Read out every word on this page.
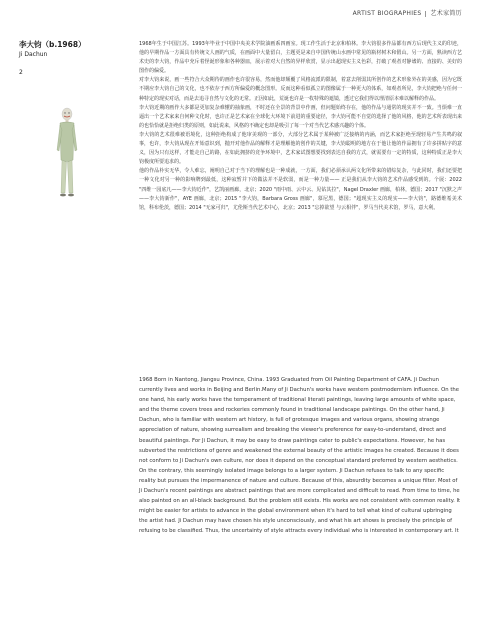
ARTIST BIOGRAPHIES 艺术家简历
李大钧（b.1968）
Ji Dachun
2

1968年生于中国江苏。1993年毕业于中国中央美术学院油画系四画室。现工作生活于北京和柏林。李大钧很多作品都有西方后现代主义的印迹，他的早期作品一方面具有传统文人画的气质，在画面中大量留白，主题更是来自中国传统山水画中常见的瓶材树木和假山。另一方面，熟读西方艺术史的李大钧，作品中充斥着怪诞形象和各种器皿，展示着对大自然的异样欣赏，显示出超现实主义色彩，打破了观者对静谧的、直接的、美好的图作的偏爱。

对李大钧来说，画一些符合大众期待的画作也许很容易，然而他却颠覆了风格流派的限制，着意去削弱其所创作的艺术形象外在的美感，因为它既不期应李大钧自己的文化，也不依存于西方所偏爱的概念图形。反而这种看似孤立的图像属于一种更大的体系，如观者所见，李大钧把绝与任何一种特定的现实对话，而是去追寻自然与文化的无常。正因如此，荒诞也许是一枚特殊的遮镜，透过它我们得以理清原本难以解释的作品。

李大钧近期的画作大多都是更加复杂难懂的抽象画，不时还在全景的背景中作画，但问题始终存在，他的作品与通常的现实并不一致。当烦难一直逼出一个艺术家来自何种文化时，也许正是艺术家在全球化大环境下前进的重要途径，李大钧可能不自觉的选择了他的风格，他的艺术所表现出来的也恰恰就是拒绝归类的原则，如此说来，风格的不确定也却是吸引了每一个对当代艺术感兴趣的个体。

李大钧的艺术很难被语境化，这种拒绝构成了他审美观的一部分，大部分艺术属于某种被广泛接纳的内涵，而艺术家拒绝至现轻易产生共鸣的叙事，也许，李大钧从现在开始意识到，抛开对他作品的解释才是理解他的创作的关键，李大钧聪明的地方在于他让他的作品拥有了许多拼贴字的意义，因为只有这样，才能走自己的路，在如此拥挤的竞争环境中，艺术家试图想要找到表达自我的方式，就需要有一定的特质，这种特质正是李大钧极度所要追求的。

他的作品朴实无华，令人难忘，阐明自己对于当下的理解也是一种成就，一方面，我们必须承认两文化所带来的错综复杂，与此同时，我们还要把一种文化对另一种的影响牌到最低，这种寂暂并下的做法并不是软弱，而是一种力量—— 正是我们从李大钧的艺术作品感受到的。个展：2022 "四维一园底凡——李大钧近作"，艺凯丽画廊，北京；2020 "雨中雨、云中云、见钻其拉"，Nagel Draxler 画廊，柏林，德国；2017 "沉默之声——李大钧新作"，AYE 画廊，北京；2015 "李大钧，Barbara Gross 画廊"，慕尼黑，德国；"超现实主义的现实——李大钧"，路德维希美术馆，科布伦茨，德国；2014 "无家可归"，尤伦斯当代艺术中心，北京；2013 "忘掉欲望 与云相伴"，罗马当代美术馆，罗马，意大利。

1968 Born in Nantong, Jiangsu Province, China. 1993 Graduated from Oil Painting Department of CAFA. Ji Dachun currently lives and works in Beijing and Berlin.Many of Ji Dachun's works have western postmodernism influence. On the one hand, his early works have the temperament of traditional literati paintings, leaving large amounts of white space, and the theme covers trees and rockeries commonly found in traditional landscape paintings. On the other hand, Ji Dachun, who is familiar with western art history, is full of grotesque images and various organs, showing strange appreciation of nature, showing surrealism and breaking the viewer's preference for easy-to-understand, direct and beautiful paintings. For Ji Dachun, it may be easy to draw paintings cater to public's expectations. However, he has subverted the restrictions of genre and weakened the external beauty of the artistic images he created. Because it does not conform to Ji Dachun's own culture, nor does it depend on the conceptual standard preferred by western aesthetics.

On the contrary, this seemingly isolated image belongs to a larger system. Ji Dachun refuses to talk to any specific reality but pursues the impermanence of nature and culture. Because of this, absurdity becomes a unique filter. Most of Ji Dachun's recent paintings are abstract paintings that are more complicated and difficult to read. From time to time, he also painted on an all-black background. But the problem still exists. His works are not consistent with common reality. It might be easier for artists to advance in the global environment when it's hard to tell what kind of cultural upbringing the artist had. Ji Dachun may have chosen his style unconsciously, and what his art shows is precisely the principle of refusing to be classified. Thus, the uncertainty of style attracts every individual who is interested in contemporary art. It
